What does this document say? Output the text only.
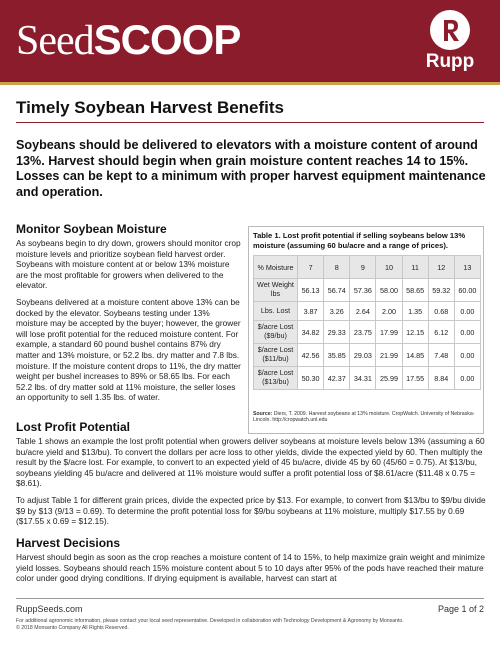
SeedSCOOP	Rupp
Timely Soybean Harvest Benefits
Soybeans should be delivered to elevators with a moisture content of around 13%. Harvest should begin when grain moisture content reaches 14 to 15%. Losses can be kept to a minimum with proper harvest equipment maintenance and operation.
Monitor Soybean Moisture

As soybeans begin to dry down, growers should monitor crop moisture levels and prioritize soybean field harvest order. Soybeans with moisture content at or below 13% moisture are the most profitable for growers when delivered to the elevator.

Soybeans delivered at a moisture content above 13% can be docked by the elevator. Soybeans testing under 13% moisture may be accepted by the buyer; however, the grower will lose profit potential for the reduced moisture content. For example, a standard 60 pound bushel contains 87% dry matter and 13% moisture, or 52.2 lbs. dry matter and 7.8 lbs. moisture. If the moisture content drops to 11%, the dry matter weight per bushel increases to 89% or 58.65 lbs. For each 52.2 lbs. of dry matter sold at 11% moisture, the seller loses an opportunity to sell 1.35 lbs. of water.

Table 1. Lost profit potential if selling soybeans below 13% moisture (assuming 60 bu/acre and a range of prices).
% Moisture	7	8	9	10	11	12	13
Wet Weight lbs	56.13	56.74	57.36	58.00	58.65	59.32	60.00
Lbs. Lost	3.87	3.26	2.64	2.00	1.35	0.68	0.00
$/acre Lost ($9/bu)	34.82	29.33	23.75	17.99	12.15	6.12	0.00
$/acre Lost ($11/bu)	42.56	35.85	29.03	21.99	14.85	7.48	0.00
$/acre Lost ($13/bu)	50.30	42.37	34.31	25.99	17.55	8.84	0.00
Source: Diers, T. 2009. Harvest soybeans at 13% moisture. CropWatch. University of Nebraska-Lincoln. http://cropwatch.unl.edu
Lost Profit Potential

Table 1 shows an example the lost profit potential when growers deliver soybeans at moisture levels below 13% (assuming a 60 bu/acre yield and $13/bu). To convert the dollars per acre loss to other yields, divide the expected yield by 60. Then multiply the result by the $/acre lost. For example, to convert to an expected yield of 45 bu/acre, divide 45 by 60 (45/60 = 0.75). At $13/bu, soybeans yielding 45 bu/acre and delivered at 11% moisture would suffer a profit potential loss of $8.61/acre ($11.48 x 0.75 = $8.61).

To adjust Table 1 for different grain prices, divide the expected price by $13. For example, to convert from $13/bu to $9/bu divide $9 by $13 (9/13 = 0.69). To determine the profit potential loss for $9/bu soybeans at 11% moisture, multiply $17.55 by 0.69 ($17.55 x 0.69 = $12.15).

Harvest Decisions
Harvest should begin as soon as the crop reaches a moisture content of 14 to 15%, to help maximize grain weight and minimize yield losses. Soybeans should reach 15% moisture content about 5 to 10 days after 95% of the pods have reached their mature color under good drying conditions. If drying equipment is available, harvest can start at
RuppSeeds.com	Page 1 of 2
For additional agronomic information, please contact your local seed representative. Developed in collaboration with Technology Development & Agronomy by Monsanto.
© 2018 Monsanto Company All Rights Reserved.
